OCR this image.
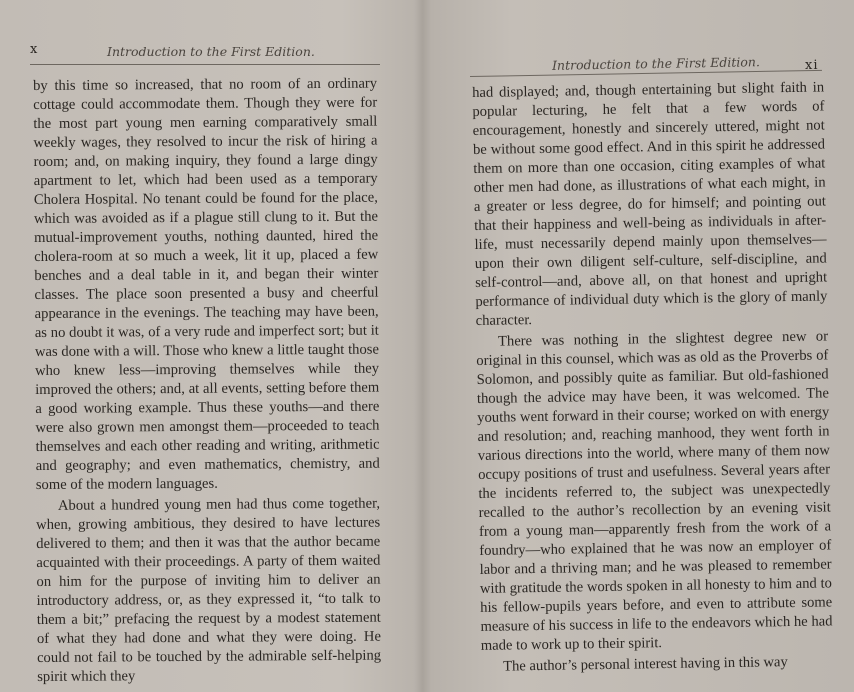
x	Introduction to the First Edition.

by this time so increased, that no room of an ordinary cottage could accommodate them. Though they were for the most part young men earning comparatively small weekly wages, they resolved to incur the risk of hiring a room; and, on making inquiry, they found a large dingy apartment to let, which had been used as a temporary Cholera Hospital. No tenant could be found for the place, which was avoided as if a plague still clung to it. But the mutual-improvement youths, nothing daunted, hired the cholera-room at so much a week, lit it up, placed a few benches and a deal table in it, and began their winter classes. The place soon presented a busy and cheerful appearance in the evenings. The teaching may have been, as no doubt it was, of a very rude and imperfect sort; but it was done with a will. Those who knew a little taught those who knew less—improving themselves while they improved the others; and, at all events, setting before them a good working example. Thus these youths—and there were also grown men amongst them—proceeded to teach themselves and each other reading and writing, arithmetic and geography; and even mathematics, chemistry, and some of the modern languages.

About a hundred young men had thus come together, when, growing ambitious, they desired to have lectures delivered to them; and then it was that the author became acquainted with their proceedings. A party of them waited on him for the purpose of inviting him to deliver an introductory address, or, as they expressed it, “to talk to them a bit;” prefacing the request by a modest statement of what they had done and what they were doing. He could not fail to be touched by the admirable self-helping spirit which they

Introduction to the First Edition.	xi

had displayed; and, though entertaining but slight faith in popular lecturing, he felt that a few words of encouragement, honestly and sincerely uttered, might not be without some good effect. And in this spirit he addressed them on more than one occasion, citing examples of what other men had done, as illustrations of what each might, in a greater or less degree, do for himself; and pointing out that their happiness and well-being as individuals in after-life, must necessarily depend mainly upon themselves—upon their own diligent self-culture, self-discipline, and self-control—and, above all, on that honest and upright performance of individual duty which is the glory of manly character.

There was nothing in the slightest degree new or original in this counsel, which was as old as the Proverbs of Solomon, and possibly quite as familiar. But old-fashioned though the advice may have been, it was welcomed. The youths went forward in their course; worked on with energy and resolution; and, reaching manhood, they went forth in various directions into the world, where many of them now occupy positions of trust and usefulness. Several years after the incidents referred to, the subject was unexpectedly recalled to the author’s recollection by an evening visit from a young man—apparently fresh from the work of a foundry—who explained that he was now an employer of labor and a thriving man; and he was pleased to remember with gratitude the words spoken in all honesty to him and to his fellow-pupils years before, and even to attribute some measure of his success in life to the endeavors which he had made to work up to their spirit.

The author’s personal interest having in this way
